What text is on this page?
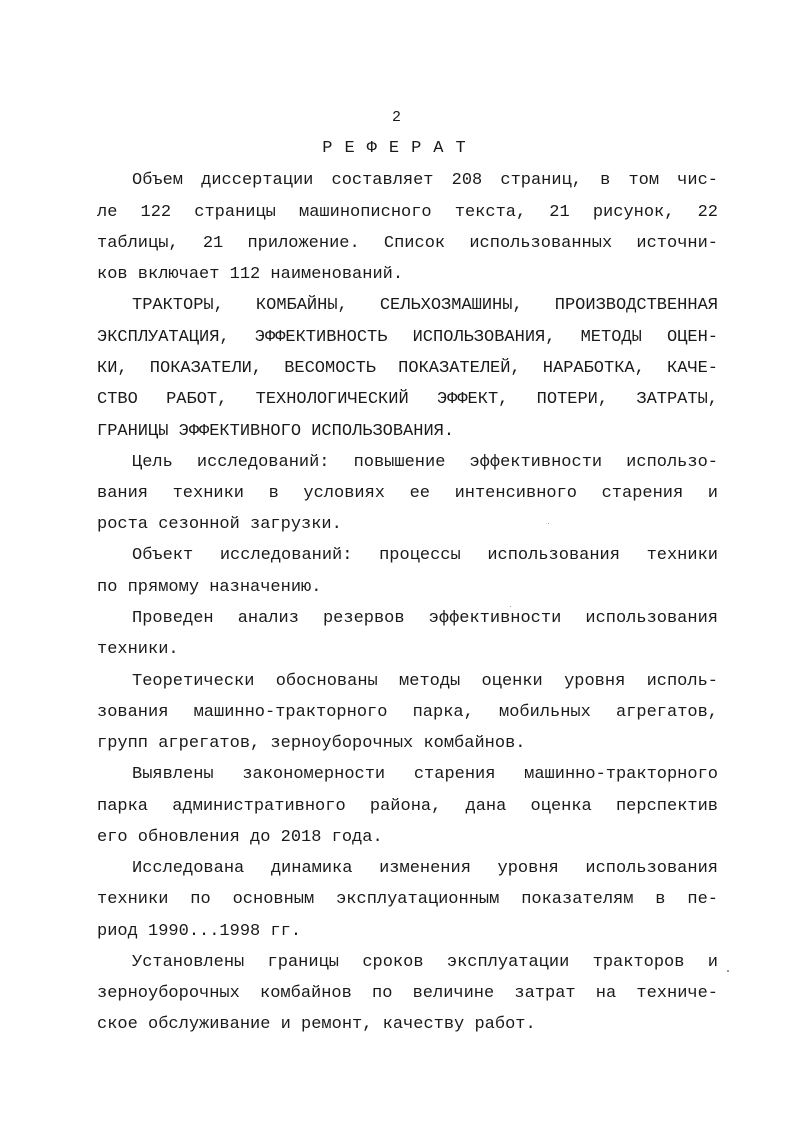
2
РЕФЕРАТ
Объем диссертации составляет 208 страниц, в том чис-
ле 122 страницы машинописного текста, 21 рисунок, 22
таблицы, 21 приложение. Список использованных источни-
ков включает 112 наименований.
ТРАКТОРЫ, КОМБАЙНЫ, СЕЛЬХОЗМАШИНЫ, ПРОИЗВОДСТВЕННАЯ
ЭКСПЛУАТАЦИЯ, ЭФФЕКТИВНОСТЬ ИСПОЛЬЗОВАНИЯ, МЕТОДЫ ОЦЕН-
КИ, ПОКАЗАТЕЛИ, ВЕСОМОСТЬ ПОКАЗАТЕЛЕЙ, НАРАБОТКА, КАЧЕ-
СТВО РАБОТ, ТЕХНОЛОГИЧЕСКИЙ ЭФФЕКТ, ПОТЕРИ, ЗАТРАТЫ,
ГРАНИЦЫ ЭФФЕКТИВНОГО ИСПОЛЬЗОВАНИЯ.
Цель исследований: повышение эффективности использо-
вания техники в условиях ее интенсивного старения и
роста сезонной загрузки.
Объект исследований: процессы использования техники
по прямому назначению.
Проведен анализ резервов эффективности использования
техники.
Теоретически обоснованы методы оценки уровня исполь-
зования машинно-тракторного парка, мобильных агрегатов,
групп агрегатов, зерноуборочных комбайнов.
Выявлены закономерности старения машинно-тракторного
парка административного района, дана оценка перспектив
его обновления до 2018 года.
Исследована динамика изменения уровня использования
техники по основным эксплуатационным показателям в пе-
риод 1990...1998 гг.
Установлены границы сроков эксплуатации тракторов и
зерноуборочных комбайнов по величине затрат на техниче-
ское обслуживание и ремонт, качеству работ.
